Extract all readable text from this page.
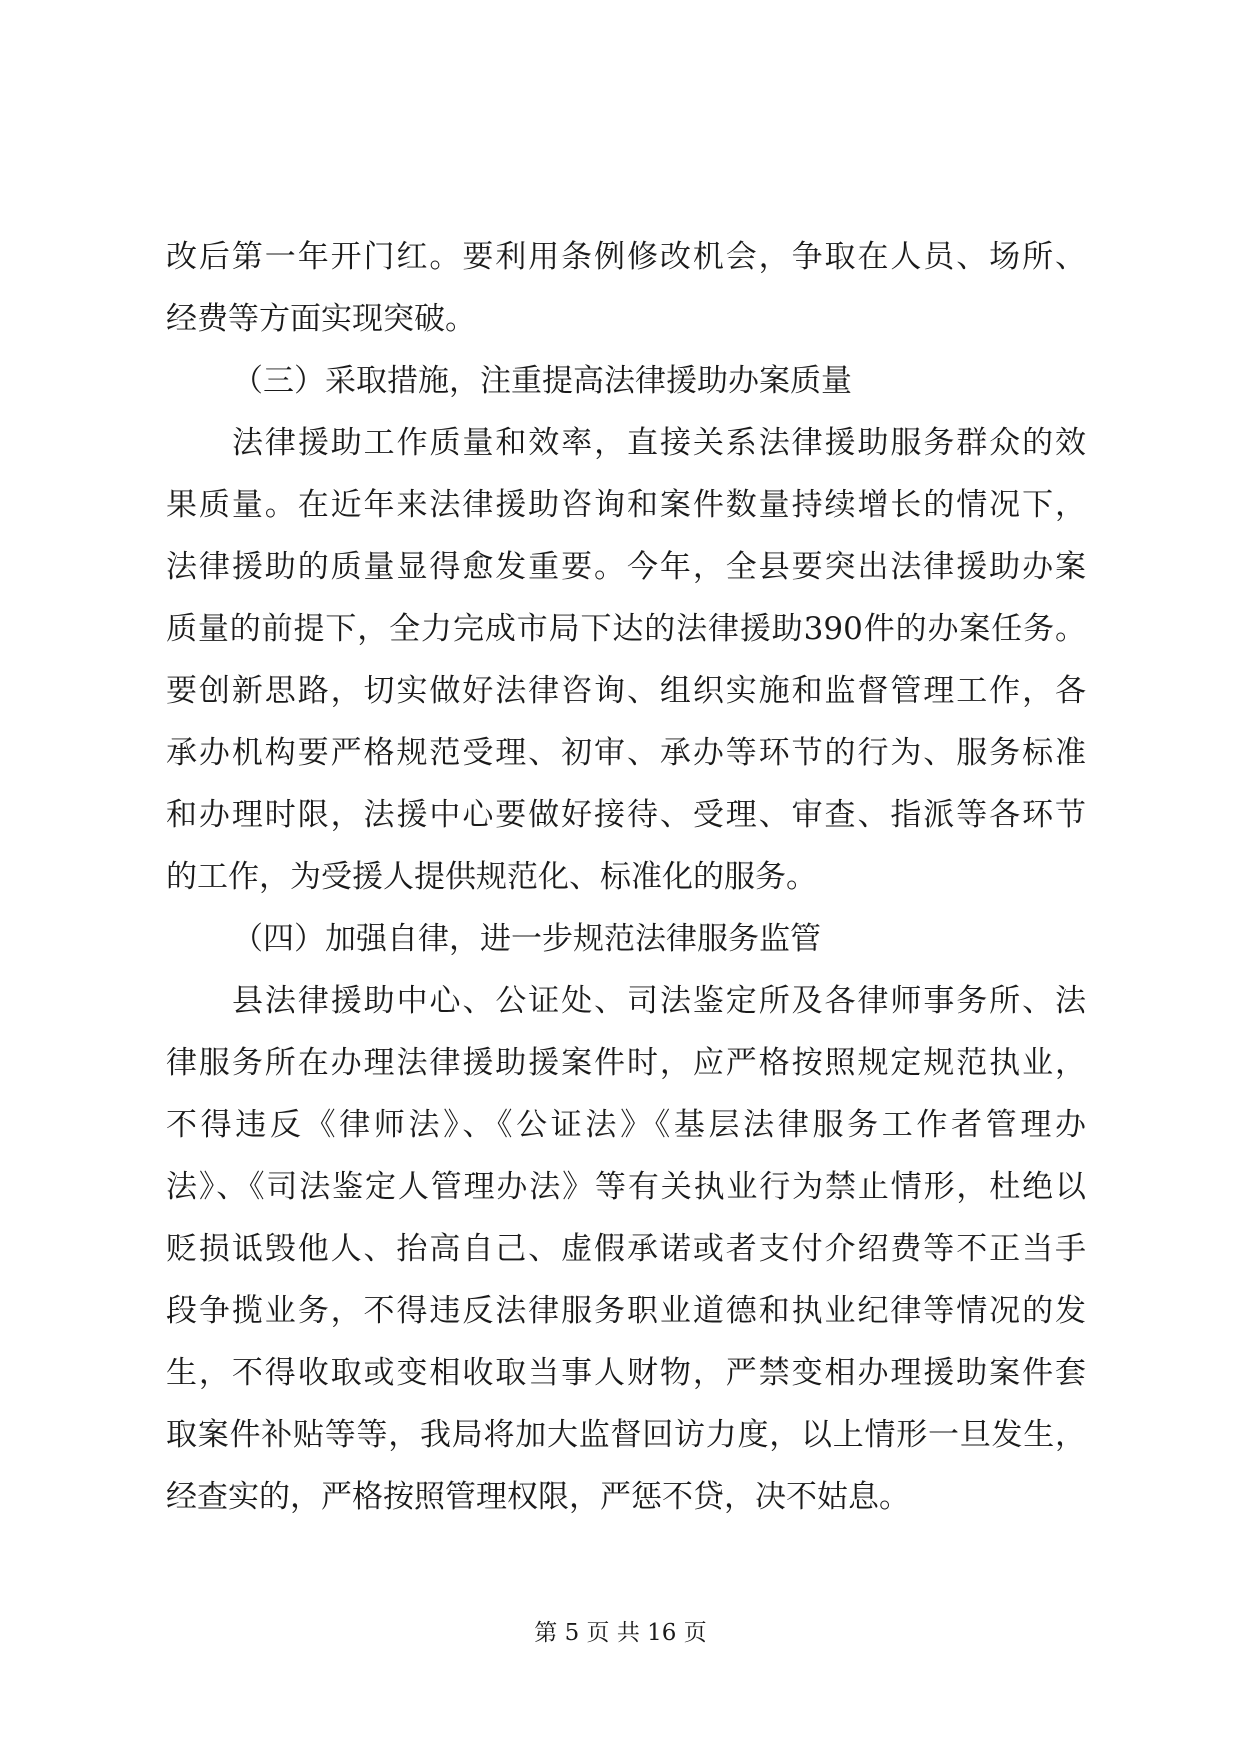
改后第一年开门红。要利用条例修改机会，争取在人员、场所、
经费等方面实现突破。
（三）采取措施，注重提高法律援助办案质量
法律援助工作质量和效率，直接关系法律援助服务群众的效
果质量。在近年来法律援助咨询和案件数量持续增长的情况下，
法律援助的质量显得愈发重要。今年，全县要突出法律援助办案
质量的前提下，全力完成市局下达的法律援助390件的办案任务。
要创新思路，切实做好法律咨询、组织实施和监督管理工作，各
承办机构要严格规范受理、初审、承办等环节的行为、服务标准
和办理时限，法援中心要做好接待、受理、审查、指派等各环节
的工作，为受援人提供规范化、标准化的服务。
（四）加强自律，进一步规范法律服务监管
县法律援助中心、公证处、司法鉴定所及各律师事务所、法
律服务所在办理法律援助援案件时，应严格按照规定规范执业，
不得违反《律师法》、《公证法》《基层法律服务工作者管理办
法》、《司法鉴定人管理办法》等有关执业行为禁止情形，杜绝以
贬损诋毁他人、抬高自己、虚假承诺或者支付介绍费等不正当手
段争揽业务，不得违反法律服务职业道德和执业纪律等情况的发
生，不得收取或变相收取当事人财物，严禁变相办理援助案件套
取案件补贴等等，我局将加大监督回访力度，以上情形一旦发生，
经查实的，严格按照管理权限，严惩不贷，决不姑息。
第 5 页 共 16 页
